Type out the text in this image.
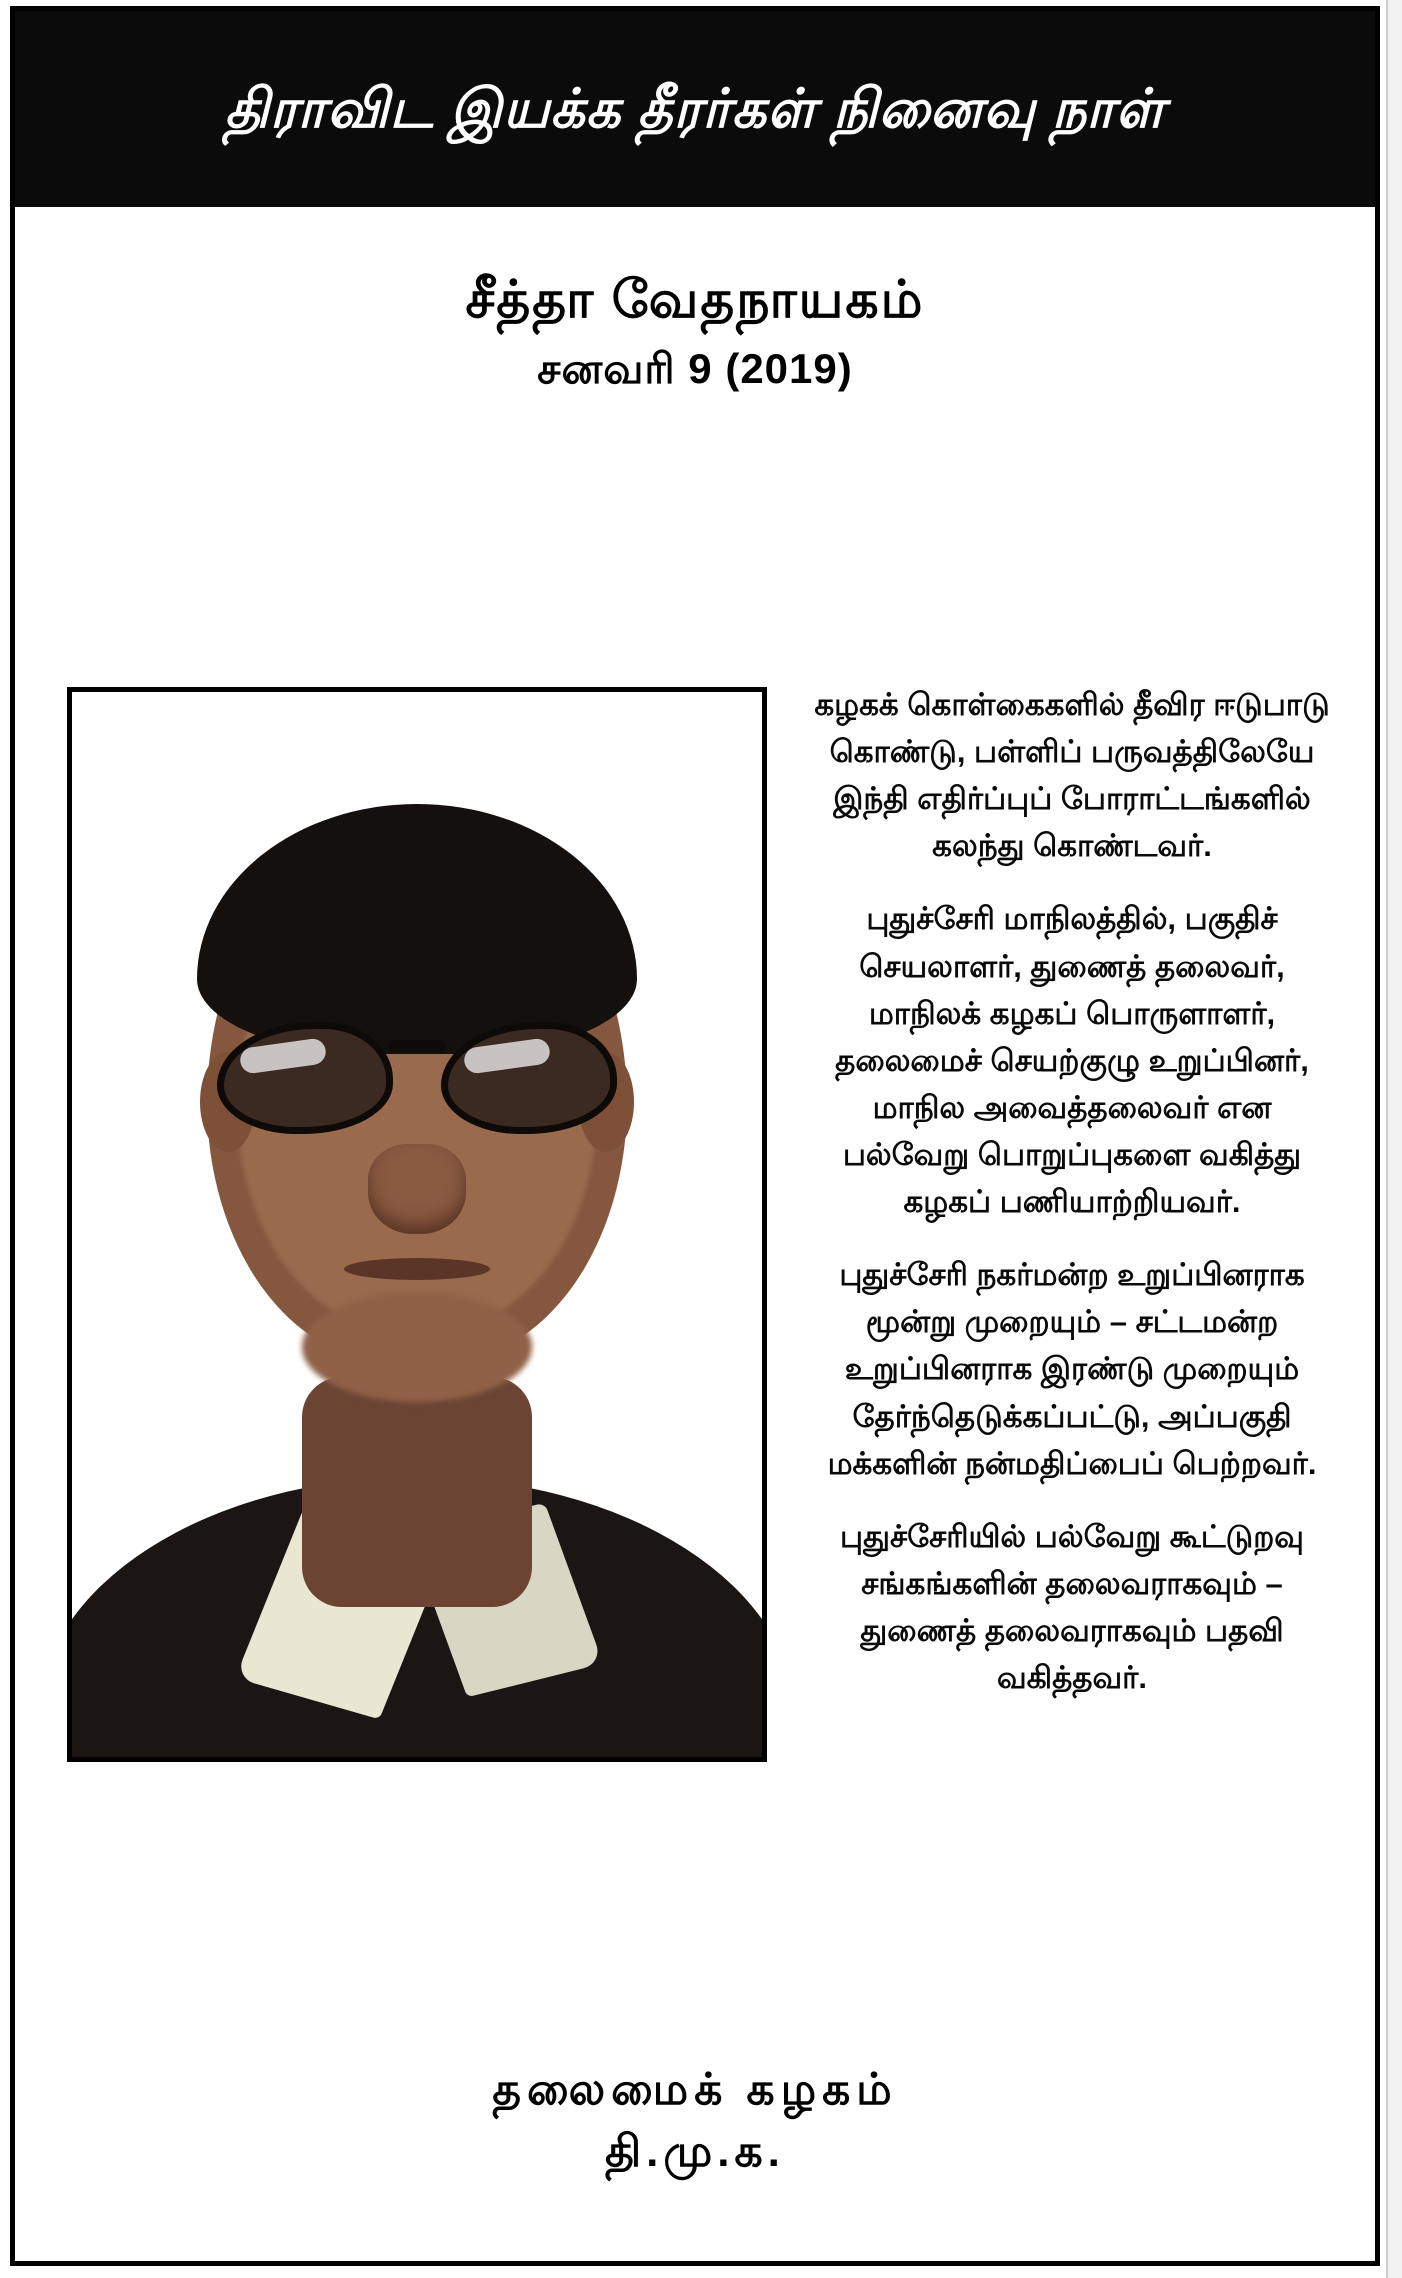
திராவிட இயக்க தீரர்கள் நினைவு நாள்
சீத்தா வேதநாயகம்
சனவரி 9 (2019)

கழகக் கொள்கைகளில் தீவிர ஈடுபாடு கொண்டு, பள்ளிப் பருவத்திலேயே இந்தி எதிர்ப்புப் போராட்டங்களில் கலந்து கொண்டவர்.

புதுச்சேரி மாநிலத்தில், பகுதிச் செயலாளர், துணைத் தலைவர், மாநிலக் கழகப் பொருளாளர், தலைமைச் செயற்குழு உறுப்பினர், மாநில அவைத்தலைவர் என பல்வேறு பொறுப்புகளை வகித்து கழகப் பணியாற்றியவர்.

புதுச்சேரி நகர்மன்ற உறுப்பினராக மூன்று முறையும் – சட்டமன்ற உறுப்பினராக இரண்டு முறையும் தேர்ந்தெடுக்கப்பட்டு, அப்பகுதி மக்களின் நன்மதிப்பைப் பெற்றவர்.

புதுச்சேரியில் பல்வேறு கூட்டுறவு சங்கங்களின் தலைவராகவும் – துணைத் தலைவராகவும் பதவி வகித்தவர்.

தலைமைக் கழகம்
தி.மு.க.
